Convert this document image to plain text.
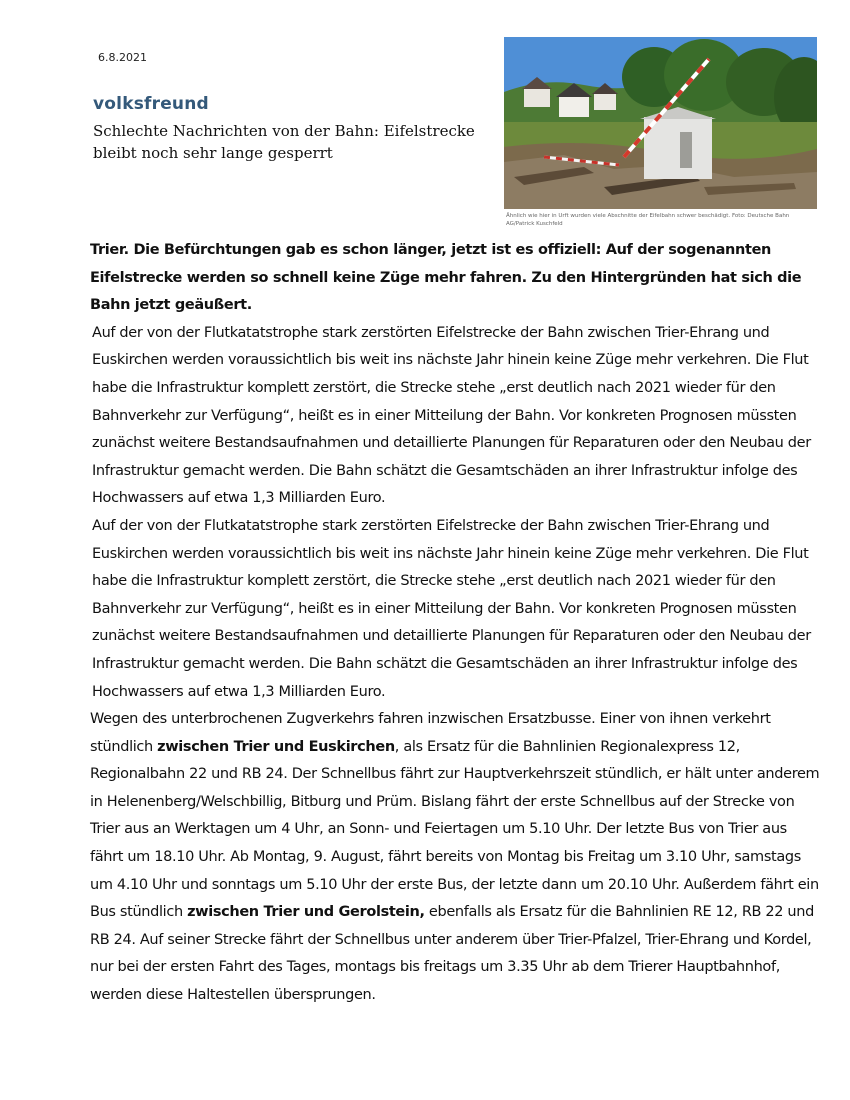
6.8.2021
volksfreund
Schlechte Nachrichten von der Bahn: Eifelstrecke bleibt noch sehr lange gesperrt
Ähnlich wie hier in Urft wurden viele Abschnitte der Eifelbahn schwer beschädigt. Foto: Deutsche Bahn AG/Patrick Kuschfeld

Trier. Die Befürchtungen gab es schon länger, jetzt ist es offiziell: Auf der sogenannten Eifelstrecke werden so schnell keine Züge mehr fahren. Zu den Hintergründen hat sich die Bahn jetzt geäußert.

Auf der von der Flutkatatstrophe stark zerstörten Eifelstrecke der Bahn zwischen Trier-Ehrang und Euskirchen werden voraussichtlich bis weit ins nächste Jahr hinein keine Züge mehr verkehren. Die Flut habe die Infrastruktur komplett zerstört, die Strecke stehe „erst deutlich nach 2021 wieder für den Bahnverkehr zur Verfügung“, heißt es in einer Mitteilung der Bahn. Vor konkreten Prognosen müssten zunächst weitere Bestandsaufnahmen und detaillierte Planungen für Reparaturen oder den Neubau der Infrastruktur gemacht werden. Die Bahn schätzt die Gesamtschäden an ihrer Infrastruktur infolge des Hochwassers auf etwa 1,3 Milliarden Euro.

Auf der von der Flutkatatstrophe stark zerstörten Eifelstrecke der Bahn zwischen Trier-Ehrang und Euskirchen werden voraussichtlich bis weit ins nächste Jahr hinein keine Züge mehr verkehren. Die Flut habe die Infrastruktur komplett zerstört, die Strecke stehe „erst deutlich nach 2021 wieder für den Bahnverkehr zur Verfügung“, heißt es in einer Mitteilung der Bahn. Vor konkreten Prognosen müssten zunächst weitere Bestandsaufnahmen und detaillierte Planungen für Reparaturen oder den Neubau der Infrastruktur gemacht werden. Die Bahn schätzt die Gesamtschäden an ihrer Infrastruktur infolge des Hochwassers auf etwa 1,3 Milliarden Euro.

Wegen des unterbrochenen Zugverkehrs fahren inzwischen Ersatzbusse. Einer von ihnen verkehrt stündlich zwischen Trier und Euskirchen, als Ersatz für die Bahnlinien Regionalexpress 12, Regionalbahn 22 und RB 24. Der Schnellbus fährt zur Hauptverkehrszeit stündlich, er hält unter anderem in Helenenberg/Welschbillig, Bitburg und Prüm. Bislang fährt der erste Schnellbus auf der Strecke von Trier aus an Werktagen um 4 Uhr, an Sonn- und Feiertagen um 5.10 Uhr. Der letzte Bus von Trier aus fährt um 18.10 Uhr. Ab Montag, 9. August, fährt bereits von Montag bis Freitag um 3.10 Uhr, samstags um 4.10 Uhr und sonntags um 5.10 Uhr der erste Bus, der letzte dann um 20.10 Uhr. Außerdem fährt ein Bus stündlich zwischen Trier und Gerolstein, ebenfalls als Ersatz für die Bahnlinien RE 12, RB 22 und RB 24. Auf seiner Strecke fährt der Schnellbus unter anderem über Trier-Pfalzel, Trier-Ehrang und Kordel, nur bei der ersten Fahrt des Tages, montags bis freitags um 3.35 Uhr ab dem Trierer Hauptbahnhof, werden diese Haltestellen übersprungen.
